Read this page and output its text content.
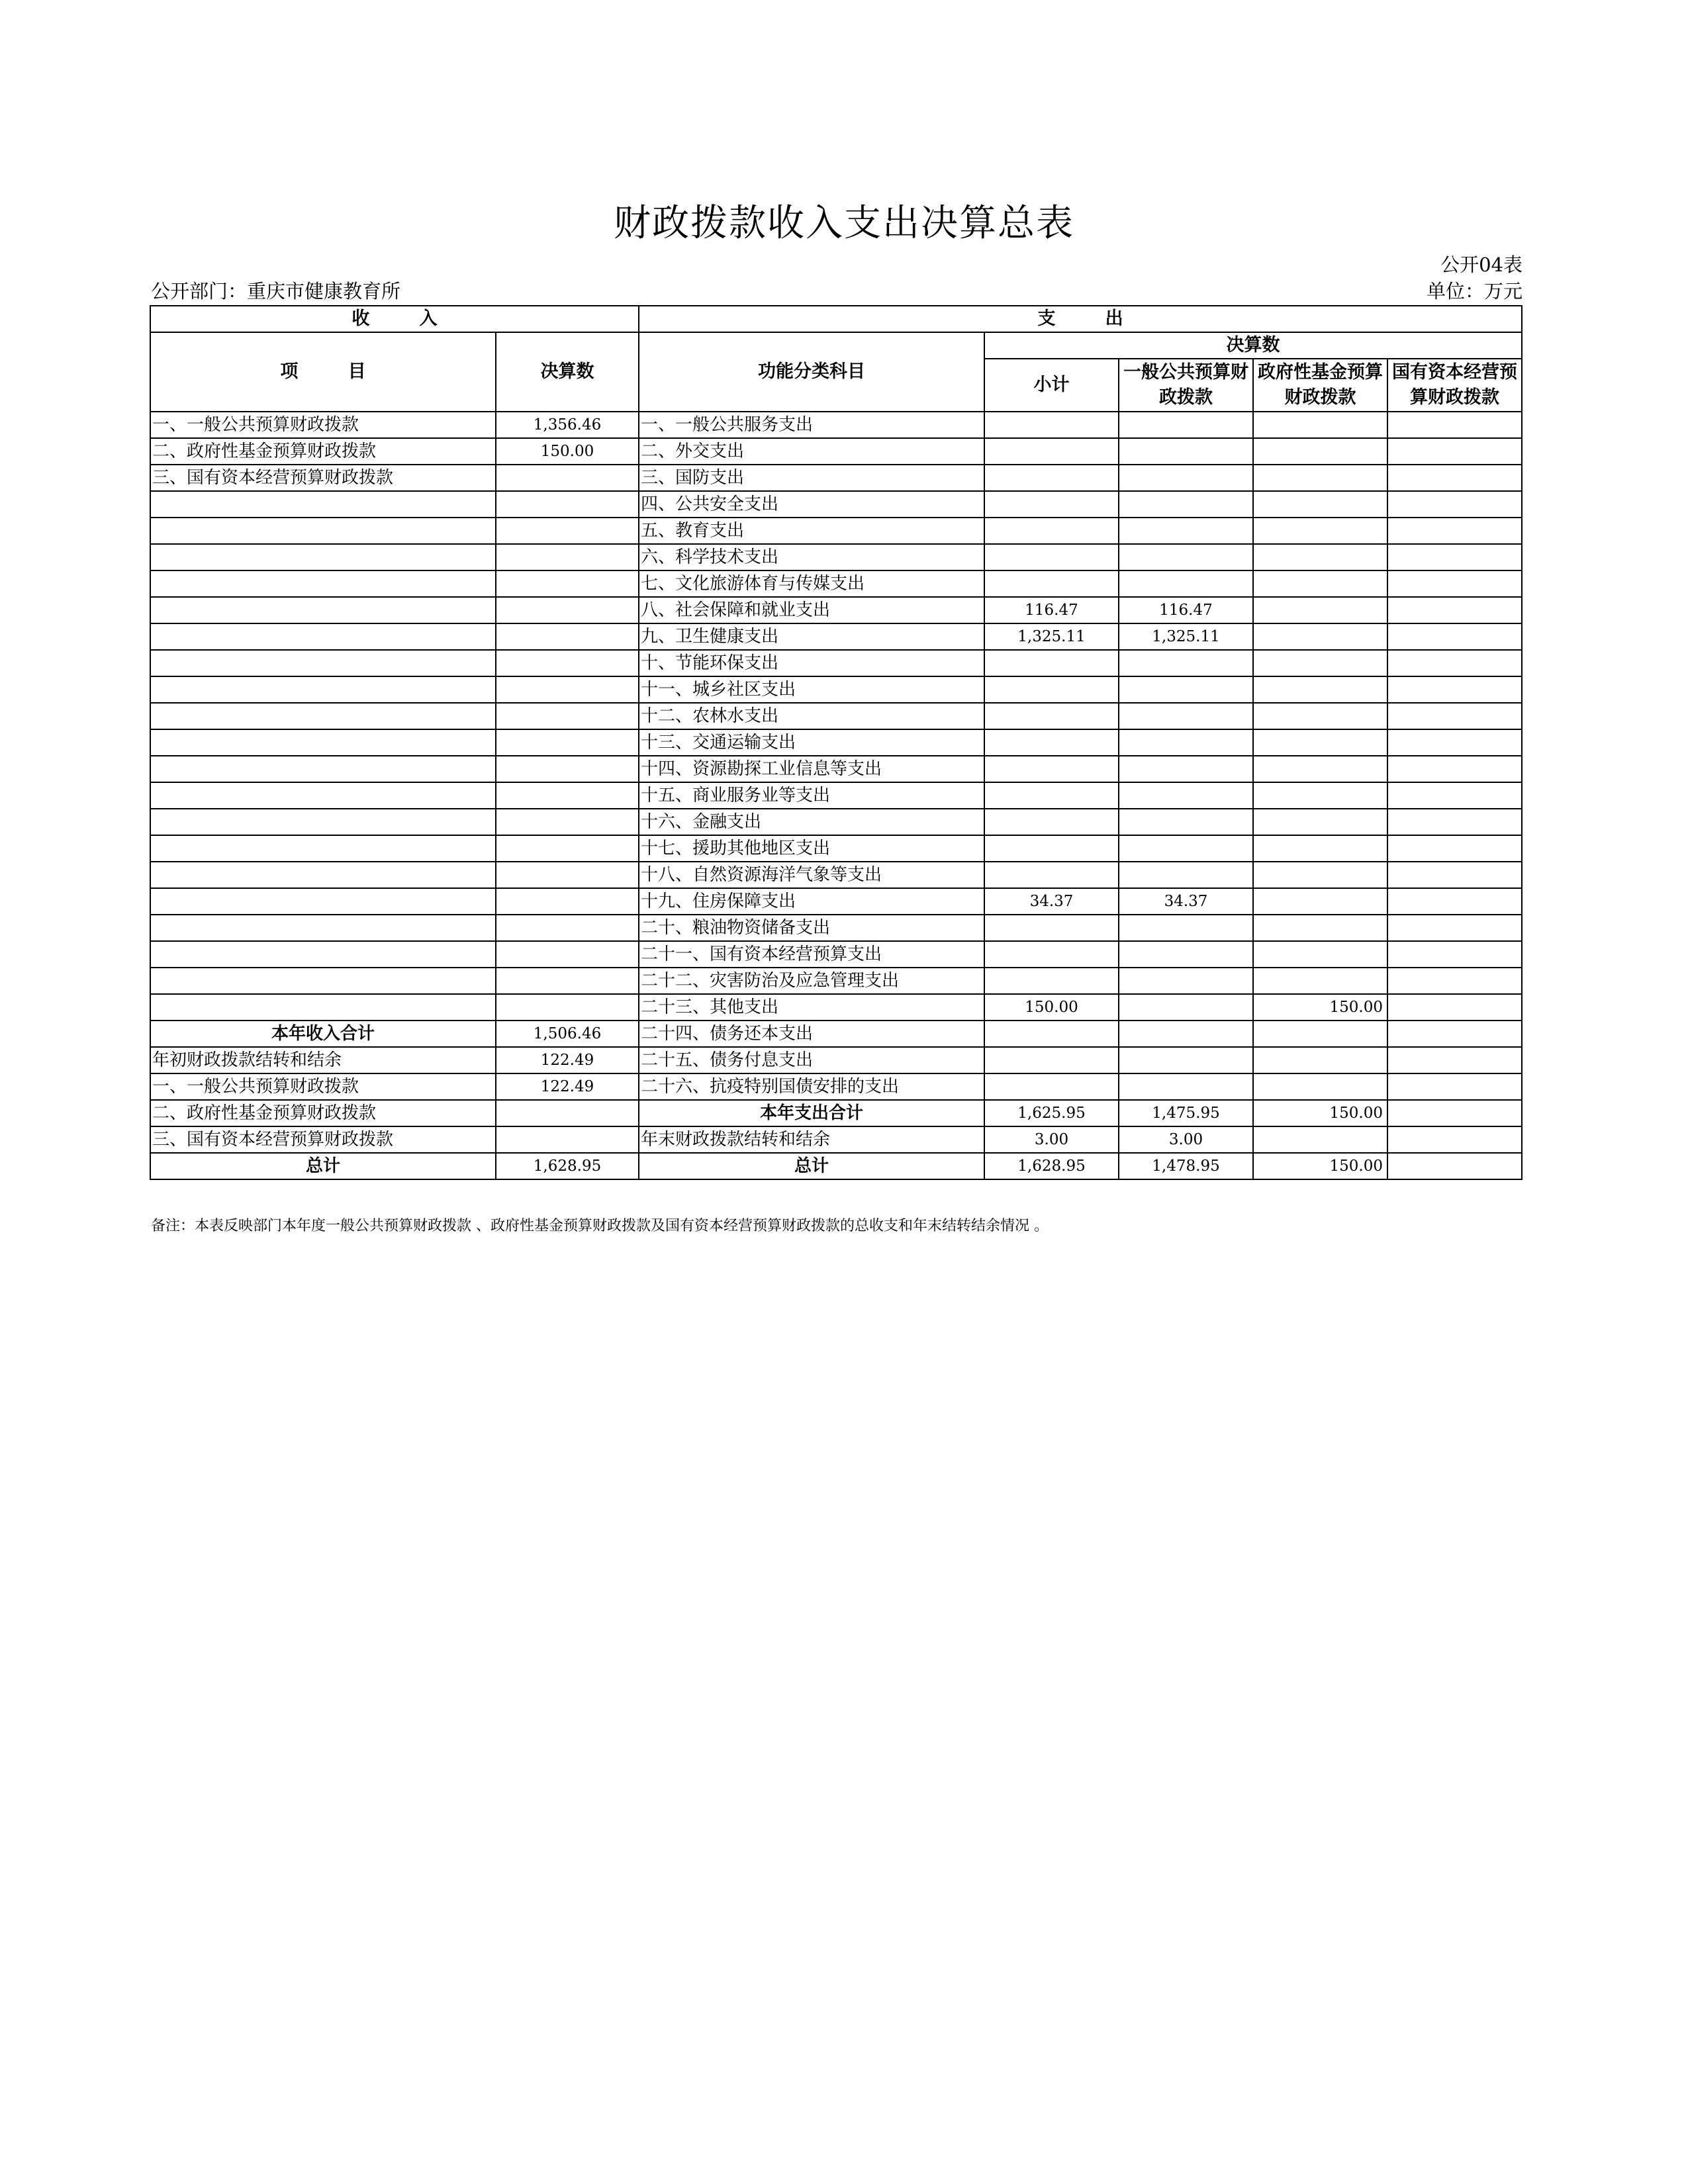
财政拨款收入支出决算总表
公开04表
公开部门：重庆市健康教育所	单位：万元
收        入		支        出				
项        目	决算数	功能分类科目	决算数			
			小计	一般公共预算财政拨款	政府性基金预算财政拨款	国有资本经营预算财政拨款

一、一般公共预算财政拨款	1,356.46	一、一般公共服务支出				
二、政府性基金预算财政拨款	150.00	二、外交支出				
三、国有资本经营预算财政拨款		三、国防支出				
		四、公共安全支出				
		五、教育支出				
		六、科学技术支出				
		七、文化旅游体育与传媒支出				
		八、社会保障和就业支出	116.47	116.47		
		九、卫生健康支出	1,325.11	1,325.11		
		十、节能环保支出				
		十一、城乡社区支出				
		十二、农林水支出				
		十三、交通运输支出				
		十四、资源勘探工业信息等支出				
		十五、商业服务业等支出				
		十六、金融支出				
		十七、援助其他地区支出				
		十八、自然资源海洋气象等支出				
		十九、住房保障支出	34.37	34.37		
		二十、粮油物资储备支出				
		二十一、国有资本经营预算支出				
		二十二、灾害防治及应急管理支出				
		二十三、其他支出	150.00		150.00	
本年收入合计	1,506.46	二十四、债务还本支出				
年初财政拨款结转和结余	122.49	二十五、债务付息支出				
一、一般公共预算财政拨款	122.49	二十六、抗疫特别国债安排的支出				
二、政府性基金预算财政拨款		本年支出合计	1,625.95	1,475.95	150.00	
三、国有资本经营预算财政拨款		年末财政拨款结转和结余	3.00	3.00		
总计	1,628.95	总计	1,628.95	1,478.95	150.00	
备注：本表反映部门本年度一般公共预算财政拨款 、政府性基金预算财政拨款及国有资本经营预算财政拨款的总收支和年末结转结余情况 。
